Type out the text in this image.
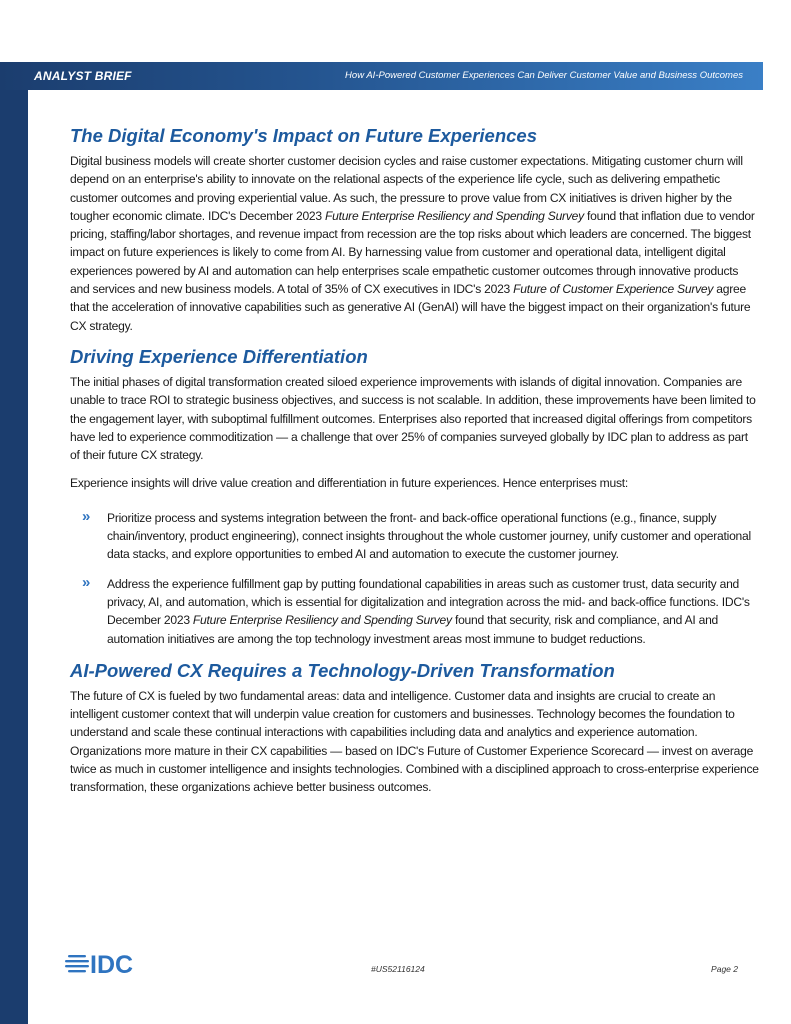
ANALYST BRIEF	How AI-Powered Customer Experiences Can Deliver Customer Value and Business Outcomes
The Digital Economy's Impact on Future Experiences

Digital business models will create shorter customer decision cycles and raise customer expectations. Mitigating customer churn will depend on an enterprise's ability to innovate on the relational aspects of the experience life cycle, such as delivering empathetic customer outcomes and proving experiential value. As such, the pressure to prove value from CX initiatives is driven higher by the tougher economic climate. IDC's December 2023 Future Enterprise Resiliency and Spending Survey found that inflation due to vendor pricing, staffing/labor shortages, and revenue impact from recession are the top risks about which leaders are concerned. The biggest impact on future experiences is likely to come from AI. By harnessing value from customer and operational data, intelligent digital experiences powered by AI and automation can help enterprises scale empathetic customer outcomes through innovative products and services and new business models. A total of 35% of CX executives in IDC's 2023 Future of Customer Experience Survey agree that the acceleration of innovative capabilities such as generative AI (GenAI) will have the biggest impact on their organization's future CX strategy.

Driving Experience Differentiation

The initial phases of digital transformation created siloed experience improvements with islands of digital innovation. Companies are unable to trace ROI to strategic business objectives, and success is not scalable. In addition, these improvements have been limited to the engagement layer, with suboptimal fulfillment outcomes. Enterprises also reported that increased digital offerings from competitors have led to experience commoditization — a challenge that over 25% of companies surveyed globally by IDC plan to address as part of their future CX strategy.

Experience insights will drive value creation and differentiation in future experiences. Hence enterprises must:

» Prioritize process and systems integration between the front- and back-office operational functions (e.g., finance, supply chain/inventory, product engineering), connect insights throughout the whole customer journey, unify customer and operational data stacks, and explore opportunities to embed AI and automation to execute the customer journey.

» Address the experience fulfillment gap by putting foundational capabilities in areas such as customer trust, data security and privacy, AI, and automation, which is essential for digitalization and integration across the mid- and back-office functions. IDC's December 2023 Future Enterprise Resiliency and Spending Survey found that security, risk and compliance, and AI and automation initiatives are among the top technology investment areas most immune to budget reductions.

AI-Powered CX Requires a Technology-Driven Transformation

The future of CX is fueled by two fundamental areas: data and intelligence. Customer data and insights are crucial to create an intelligent customer context that will underpin value creation for customers and businesses. Technology becomes the foundation to understand and scale these continual interactions with capabilities including data and analytics and experience automation. Organizations more mature in their CX capabilities — based on IDC's Future of Customer Experience Scorecard — invest on average twice as much in customer intelligence and insights technologies. Combined with a disciplined approach to cross-enterprise experience transformation, these organizations achieve better business outcomes.

IDC	#US52116124	Page 2
